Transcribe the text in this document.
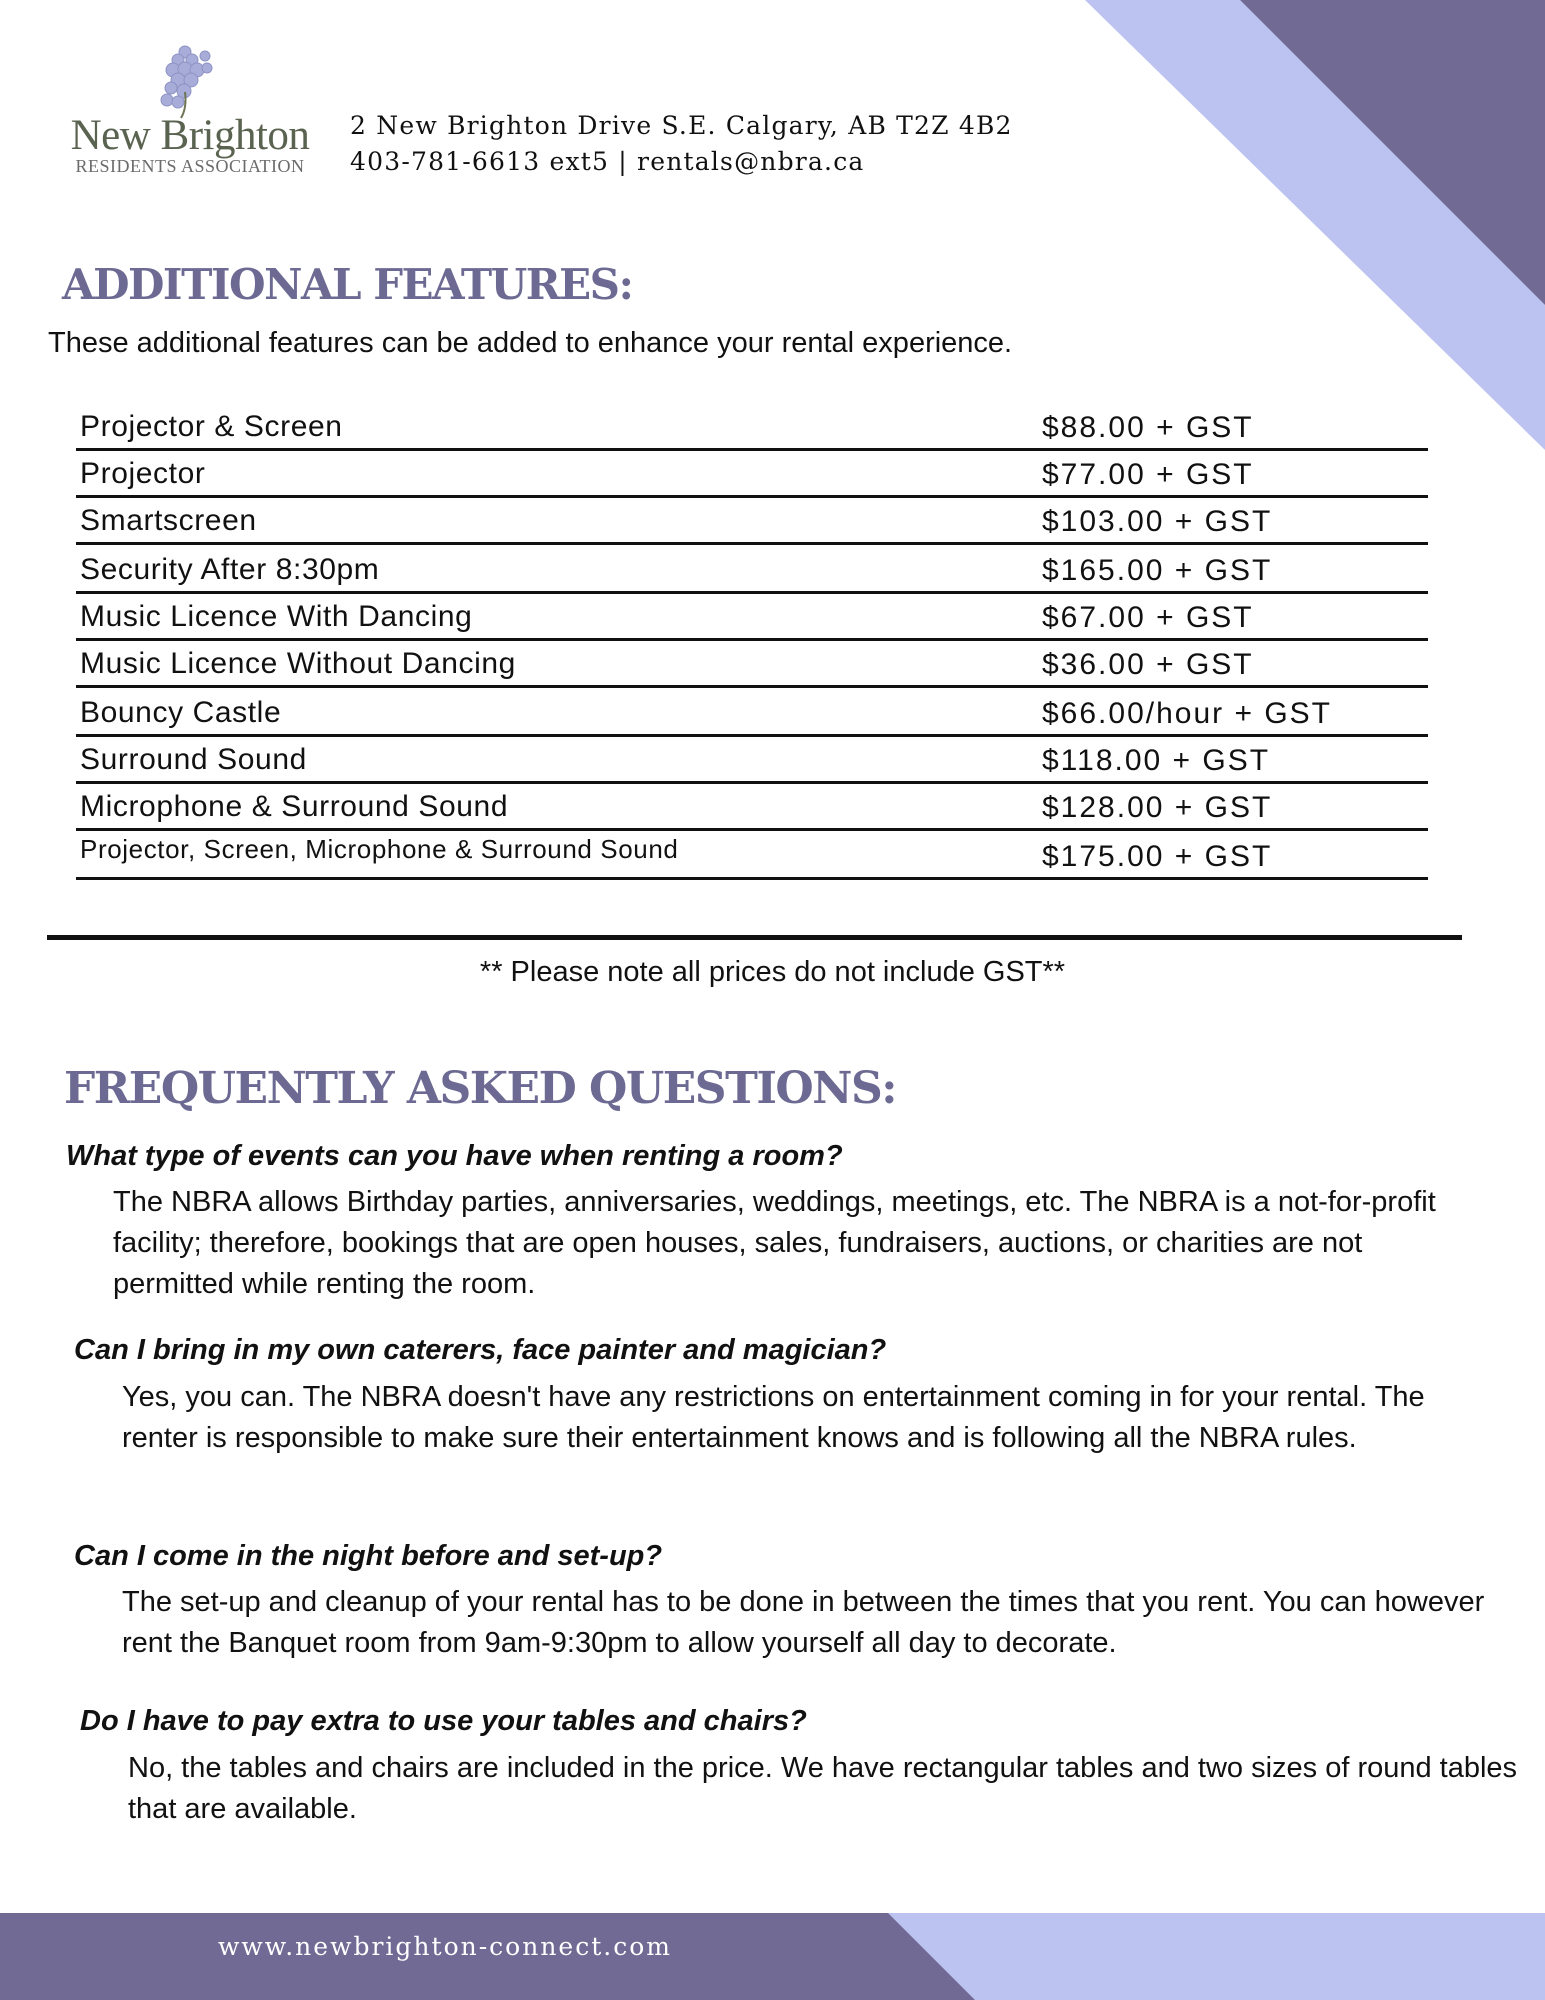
New Brighton
RESIDENTS ASSOCIATION
2 New Brighton Drive S.E. Calgary, AB T2Z 4B2
403-781-6613 ext5 | rentals@nbra.ca
ADDITIONAL FEATURES:
These additional features can be added to enhance your rental experience.
Projector & Screen	$88.00 + GST
Projector	$77.00 + GST
Smartscreen	$103.00 + GST
Security After 8:30pm	$165.00 + GST
Music Licence With Dancing	$67.00 + GST
Music Licence Without Dancing	$36.00 + GST
Bouncy Castle	$66.00/hour + GST
Surround Sound	$118.00 + GST
Microphone & Surround Sound	$128.00 + GST
Projector, Screen, Microphone & Surround Sound	$175.00 + GST
** Please note all prices do not include GST**
FREQUENTLY ASKED QUESTIONS:
What type of events can you have when renting a room?
The NBRA allows Birthday parties, anniversaries, weddings, meetings, etc. The NBRA is a not-for-profit facility; therefore, bookings that are open houses, sales, fundraisers, auctions, or charities are not permitted while renting the room.
Can I bring in my own caterers, face painter and magician?
Yes, you can. The NBRA doesn't have any restrictions on entertainment coming in for your rental. The renter is responsible to make sure their entertainment knows and is following all the NBRA rules.
Can I come in the night before and set-up?
The set-up and cleanup of your rental has to be done in between the times that you rent. You can however rent the Banquet room from 9am-9:30pm to allow yourself all day to decorate.
Do I have to pay extra to use your tables and chairs?
No, the tables and chairs are included in the price. We have rectangular tables and two sizes of round tables that are available.
www.newbrighton-connect.com
